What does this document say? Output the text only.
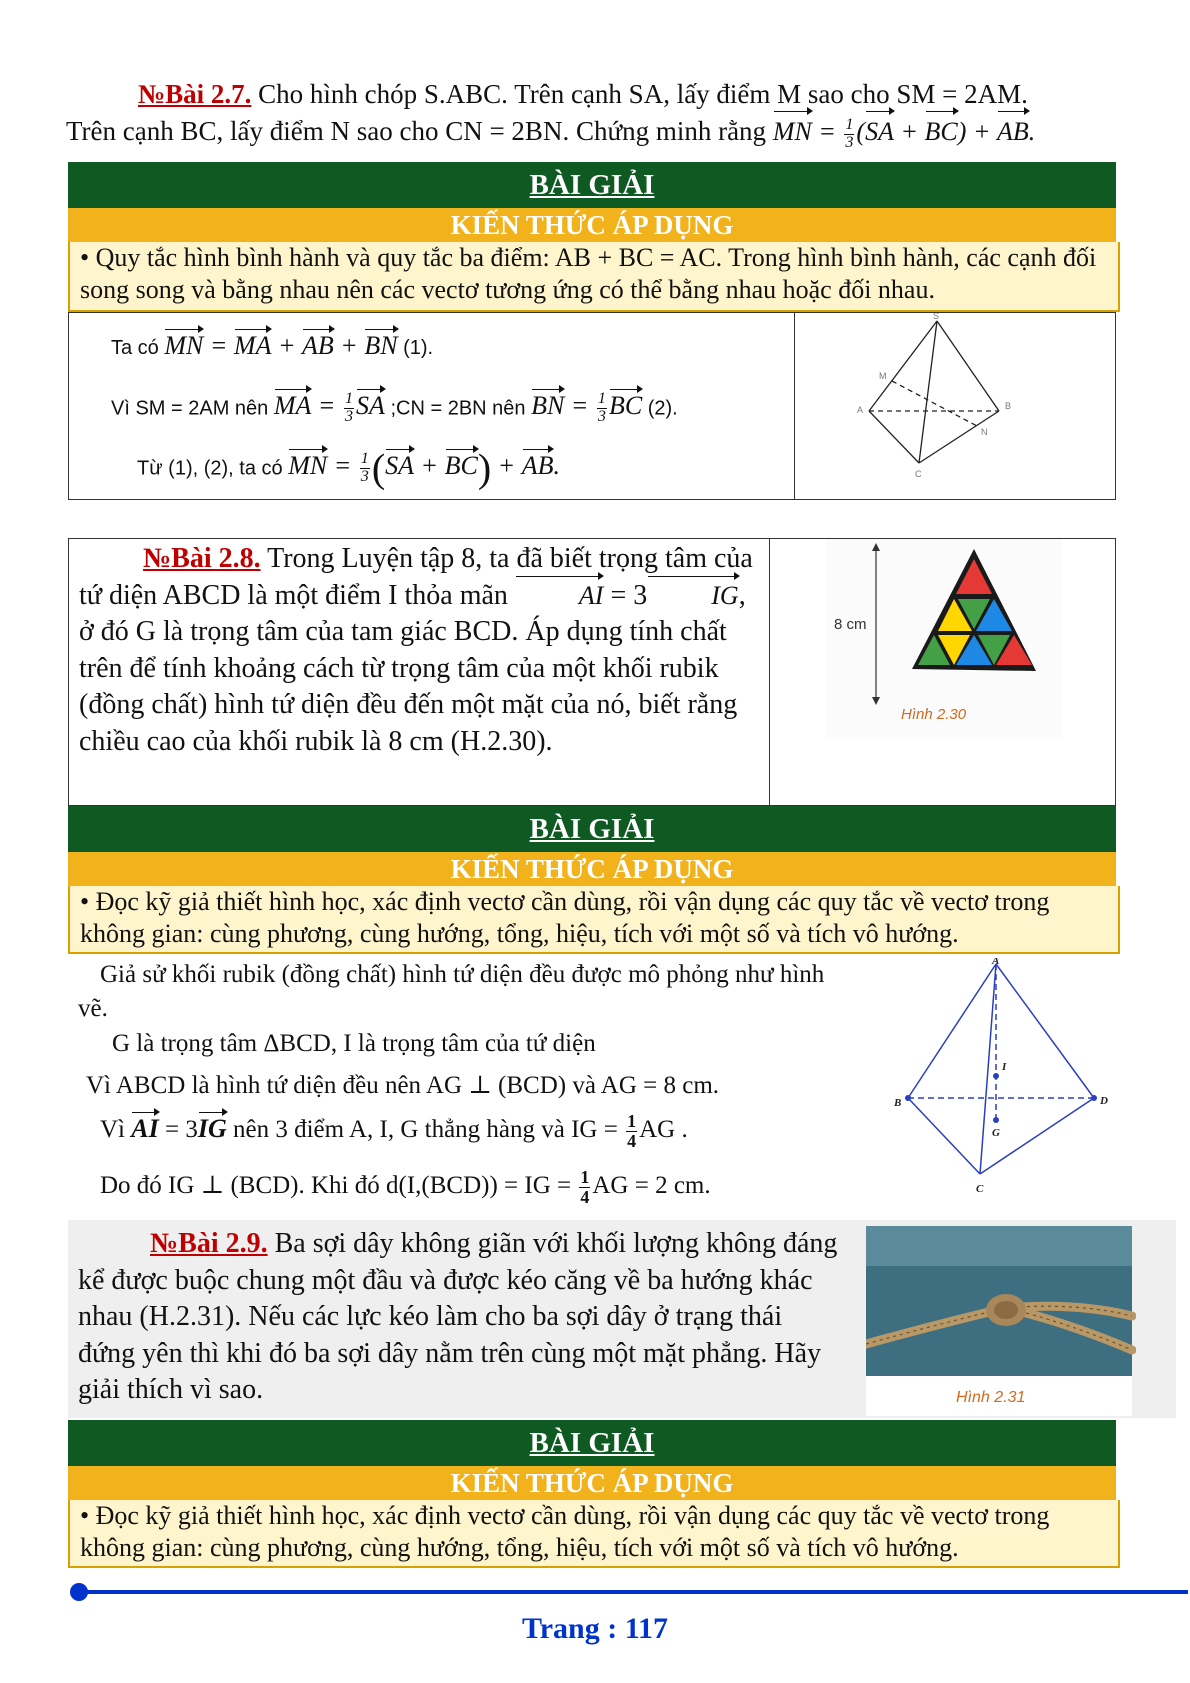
№Bài 2.7. Cho hình chóp S.ABC. Trên cạnh SA, lấy điểm M sao cho SM = 2AM.
Trên cạnh BC, lấy điểm N sao cho CN = 2BN. Chứng minh rằng MN = $\frac{1}{3} (SA + BC)$ + AB.
BÀI GIẢI
KIẾN THỨC ÁP DỤNG
• Quy tắc hình bình hành và quy tắc ba điểm: AB + BC = AC. Trong hình bình hành, các cạnh đối song song và bằng nhau nên các vectơ tương ứng có thể bằng nhau hoặc đối nhau.
Ta có MN = MA + AB + BN (1).
Vì SM = 2AM nên MA = $\frac{1}{3}$ SA ;CN = 2BN nên BN = $\frac{1}{3}$ BC (2).
Từ (1), (2), ta có MN = $\frac{1}{3} (SA + BC)$ + AB.
S
M
A	B
N
C
№Bài 2.8. Trong Luyện tập 8, ta đã biết trọng tâm của tứ diện ABCD là một điểm I thỏa mãn AI = 3 IG, ở đó G là trọng tâm của tam giác BCD. Áp dụng tính chất trên để tính khoảng cách từ trọng tâm của một khối rubik (đồng chất) hình tứ diện đều đến một mặt của nó, biết rằng chiều cao của khối rubik là 8 cm (H.2.30).
8 cm
Hình 2.30
BÀI GIẢI
KIẾN THỨC ÁP DỤNG
• Đọc kỹ giả thiết hình học, xác định vectơ cần dùng, rồi vận dụng các quy tắc về vectơ trong không gian: cùng phương, cùng hướng, tổng, hiệu, tích với một số và tích vô hướng.
Giả sử khối rubik (đồng chất) hình tứ diện đều được mô phỏng như hình vẽ.
G là trọng tâm ΔBCD, I là trọng tâm của tứ diện
Vì ABCD là hình tứ diện đều nên AG ⊥ (BCD) và AG = 8 cm.
Vì AI = 3IG nên 3 điểm A, I, G thẳng hàng và IG = $\frac{1}{4}$ AG .
Do đó IG ⊥ (BCD). Khi đó d(I,(BCD)) = IG = $\frac{1}{4}$ AG = 2 cm.
A
B	D
C
I
G
№Bài 2.9. Ba sợi dây không giãn với khối lượng không đáng kể được buộc chung một đầu và được kéo căng về ba hướng khác nhau (H.2.31). Nếu các lực kéo làm cho ba sợi dây ở trạng thái đứng yên thì khi đó ba sợi dây nằm trên cùng một mặt phẳng. Hãy giải thích vì sao.	Hình 2.31
BÀI GIẢI
KIẾN THỨC ÁP DỤNG
• Đọc kỹ giả thiết hình học, xác định vectơ cần dùng, rồi vận dụng các quy tắc về vectơ trong không gian: cùng phương, cùng hướng, tổng, hiệu, tích với một số và tích vô hướng.
Trang : 117
